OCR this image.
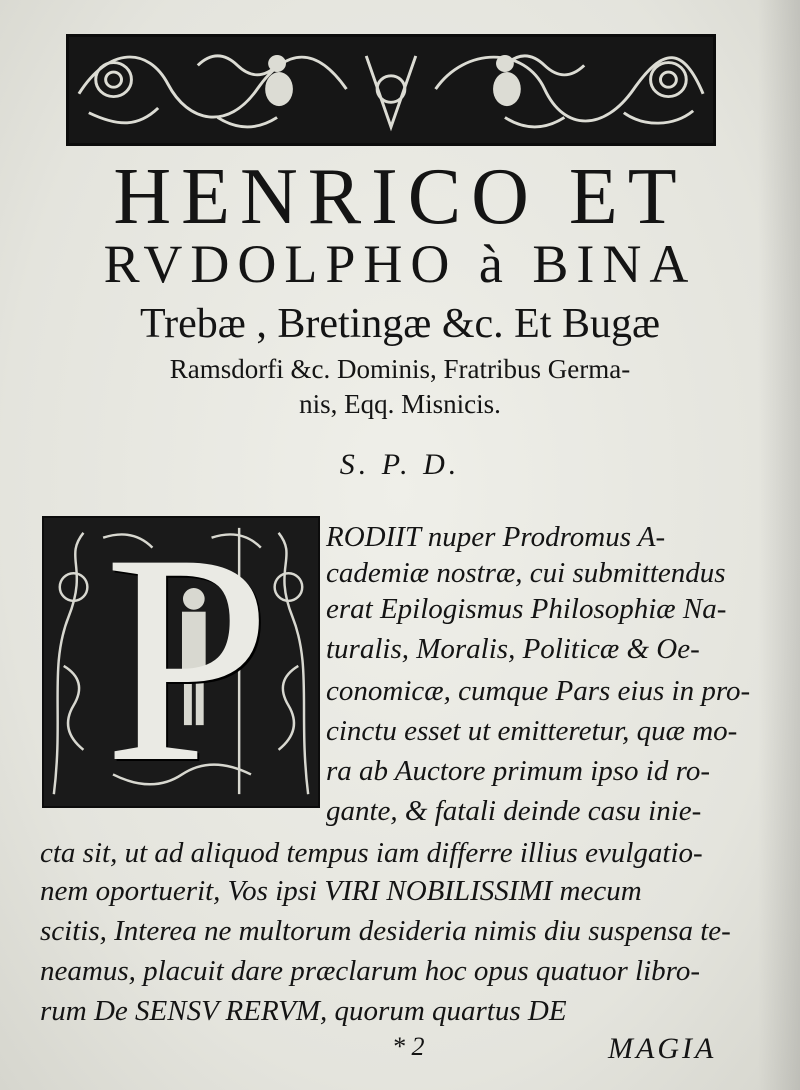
HENRICO ET
RVDOLPHO à BINA
Trebæ , Bretingæ &c. Et Bugæ
Ramsdorfi &c. Dominis, Fratribus Germa-
nis, Eqq. Misnicis.
S. P. D.
P RODIIT nuper Prodromus A-
cademiæ nostræ, cui submittendus
erat Epilogismus Philosophiæ Na-
turalis, Moralis, Politicæ & Oe-
conomicæ, cumque Pars eius in pro-
cinctu esset ut emitteretur, quæ mo-
ra ab Auctore primum ipso id ro-
gante, & fatali deinde casu inie-
cta sit, ut ad aliquod tempus iam differre illius evulgatio-
nem oportuerit, Vos ipsi VIRI NOBILISSIMI mecum
scitis, Interea ne multorum desideria nimis diu suspensa te-
neamus, placuit dare præclarum hoc opus quatuor libro-
rum De SENSV RERVM, quorum quartus DE
* 2	MAGIA
